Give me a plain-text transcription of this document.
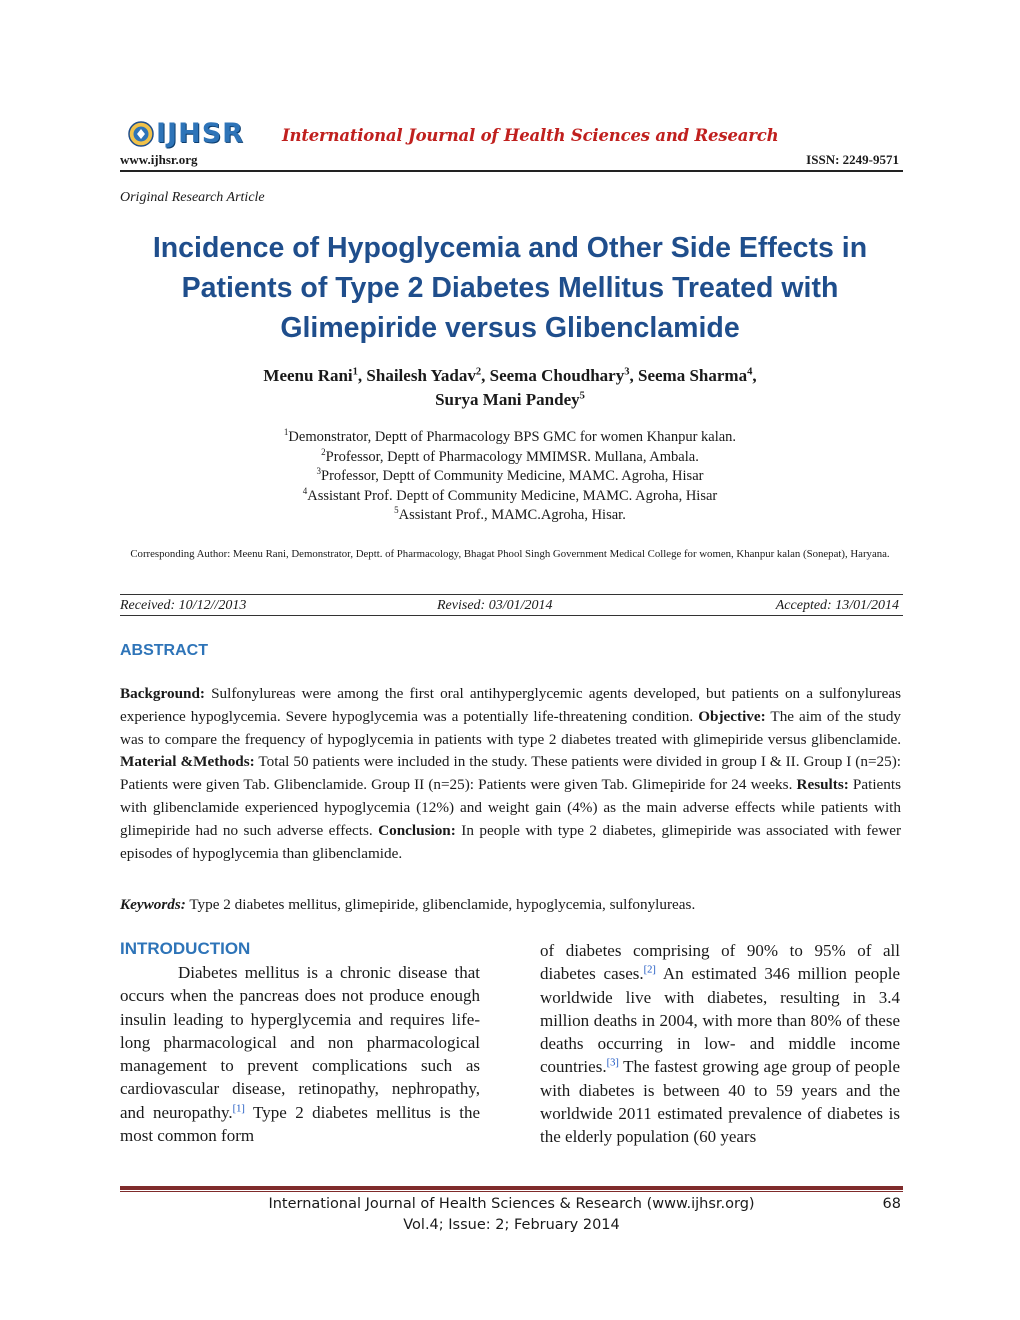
IJHSR International Journal of Health Sciences and Research
www.ijhsr.org	ISSN: 2249-9571
Original Research Article
Incidence of Hypoglycemia and Other Side Effects in Patients of Type 2 Diabetes Mellitus Treated with Glimepiride versus Glibenclamide
Meenu Rani$^1$, Shailesh Yadav$^2$, Seema Choudhary$^3$, Seema Sharma$^4$,
Surya Mani Pandey$^5$
$^1$Demonstrator, Deptt of Pharmacology BPS GMC for women Khanpur kalan.
$^2$Professor, Deptt of Pharmacology MMIMSR. Mullana, Ambala.
$^3$Professor, Deptt of Community Medicine, MAMC. Agroha, Hisar
$^4$Assistant Prof. Deptt of Community Medicine, MAMC. Agroha, Hisar
$^5$Assistant Prof., MAMC.Agroha, Hisar.
Corresponding Author: Meenu Rani, Demonstrator, Deptt. of Pharmacology, Bhagat Phool Singh Government Medical College for women, Khanpur kalan (Sonepat), Haryana.
Received: 10/12//2013	Revised: 03/01/2014	Accepted: 13/01/2014
ABSTRACT
Background: Sulfonylureas were among the first oral antihyperglycemic agents developed, but patients on a sulfonylureas experience hypoglycemia. Severe hypoglycemia was a potentially life-threatening condition. Objective: The aim of the study was to compare the frequency of hypoglycemia in patients with type 2 diabetes treated with glimepiride versus glibenclamide. Material &Methods: Total 50 patients were included in the study. These patients were divided in group I & II. Group I (n=25): Patients were given Tab. Glibenclamide. Group II (n=25): Patients were given Tab. Glimepiride for 24 weeks. Results: Patients with glibenclamide experienced hypoglycemia (12%) and weight gain (4%) as the main adverse effects while patients with glimepiride had no such adverse effects. Conclusion: In people with type 2 diabetes, glimepiride was associated with fewer episodes of hypoglycemia than glibenclamide.
Keywords: Type 2 diabetes mellitus, glimepiride, glibenclamide, hypoglycemia, sulfonylureas.
INTRODUCTION
Diabetes mellitus is a chronic disease that occurs when the pancreas does not produce enough insulin leading to hyperglycemia and requires life-long pharmacological and non pharmacological management to prevent complications such as cardiovascular disease, retinopathy, nephropathy, and neuropathy.[1] Type 2 diabetes mellitus is the most common form
of diabetes comprising of 90% to 95% of all diabetes cases.[2] An estimated 346 million people worldwide live with diabetes, resulting in 3.4 million deaths in 2004, with more than 80% of these deaths occurring in low- and middle income countries.[3] The fastest growing age group of people with diabetes is between 40 to 59 years and the worldwide 2011 estimated prevalence of diabetes is the elderly population (60 years
International Journal of Health Sciences & Research (www.ijhsr.org)	68
Vol.4; Issue: 2; February 2014
